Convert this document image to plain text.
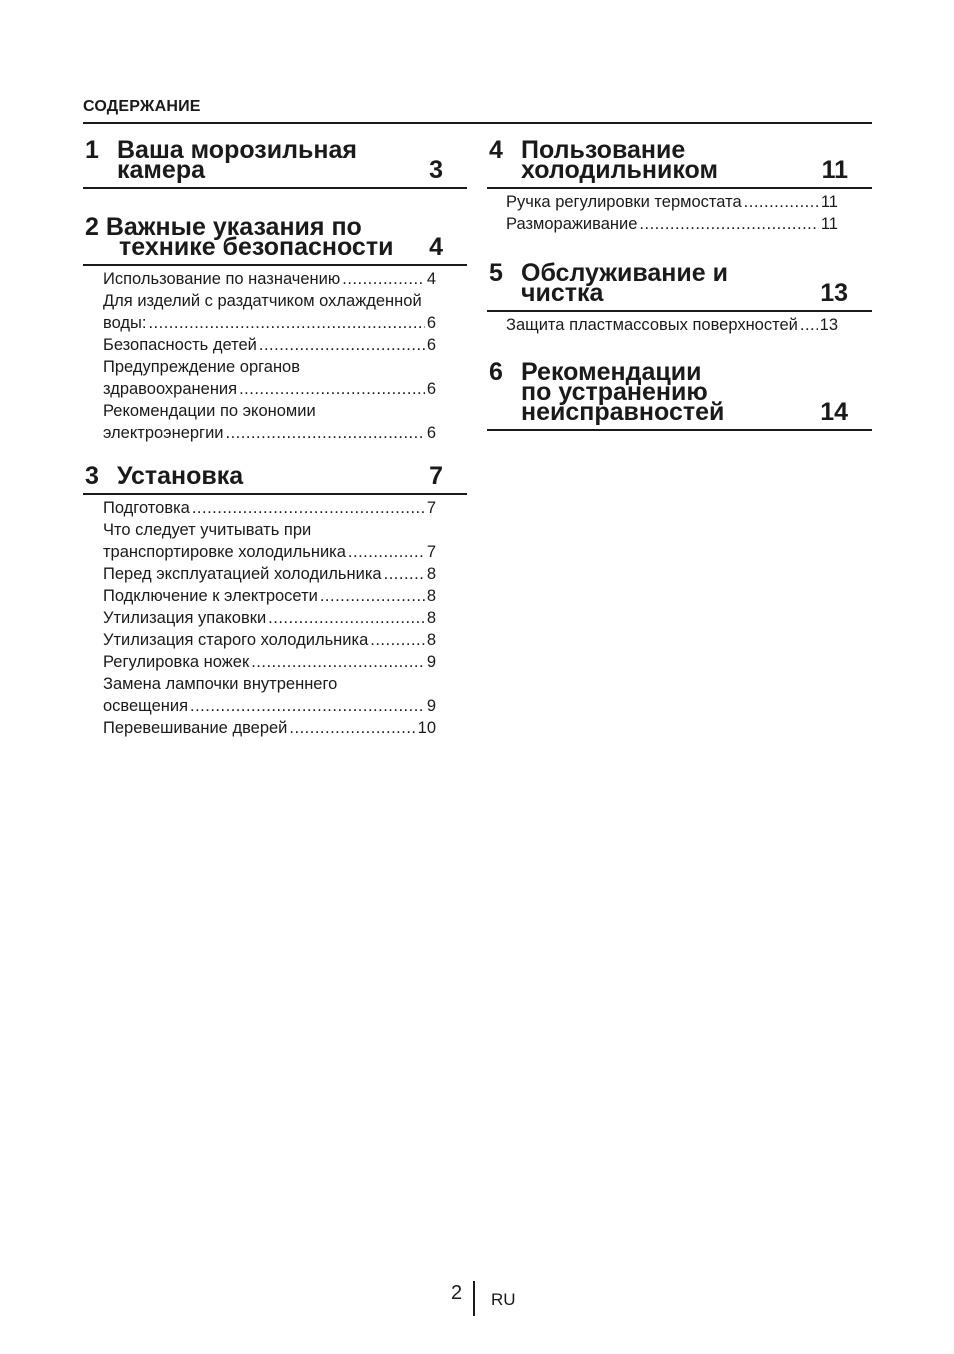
СОДЕРЖАНИЕ
1 Ваша морозильная
камера	3
2 Важные указания по
технике безопасности	4
Использование по назначению .....	4
Для изделий с раздатчиком охлажденной
воды: .....	6
Безопасность детей .....	6
Предупреждение органов
здравоохранения .....	6
Рекомендации по экономии
электроэнергии .....	6
3 Установка	7
Подготовка .....	7
Что следует учитывать при
транспортировке холодильника .....	7
Перед эксплуатацией холодильника .....	8
Подключение к электросети .....	8
Утилизация упаковки .....	8
Утилизация старого холодильника .....	8
Регулировка ножек .....	9
Замена лампочки внутреннего
освещения .....	9
Перевешивание дверей .....	10
4 Пользование
холодильником	11
Ручка регулировки термостата .....	11
Размораживание .....	11
5 Обслуживание и
чистка	13
Защита пластмассовых поверхностей ..... 13
6 Рекомендации
по устранению
неисправностей	14
2 RU
